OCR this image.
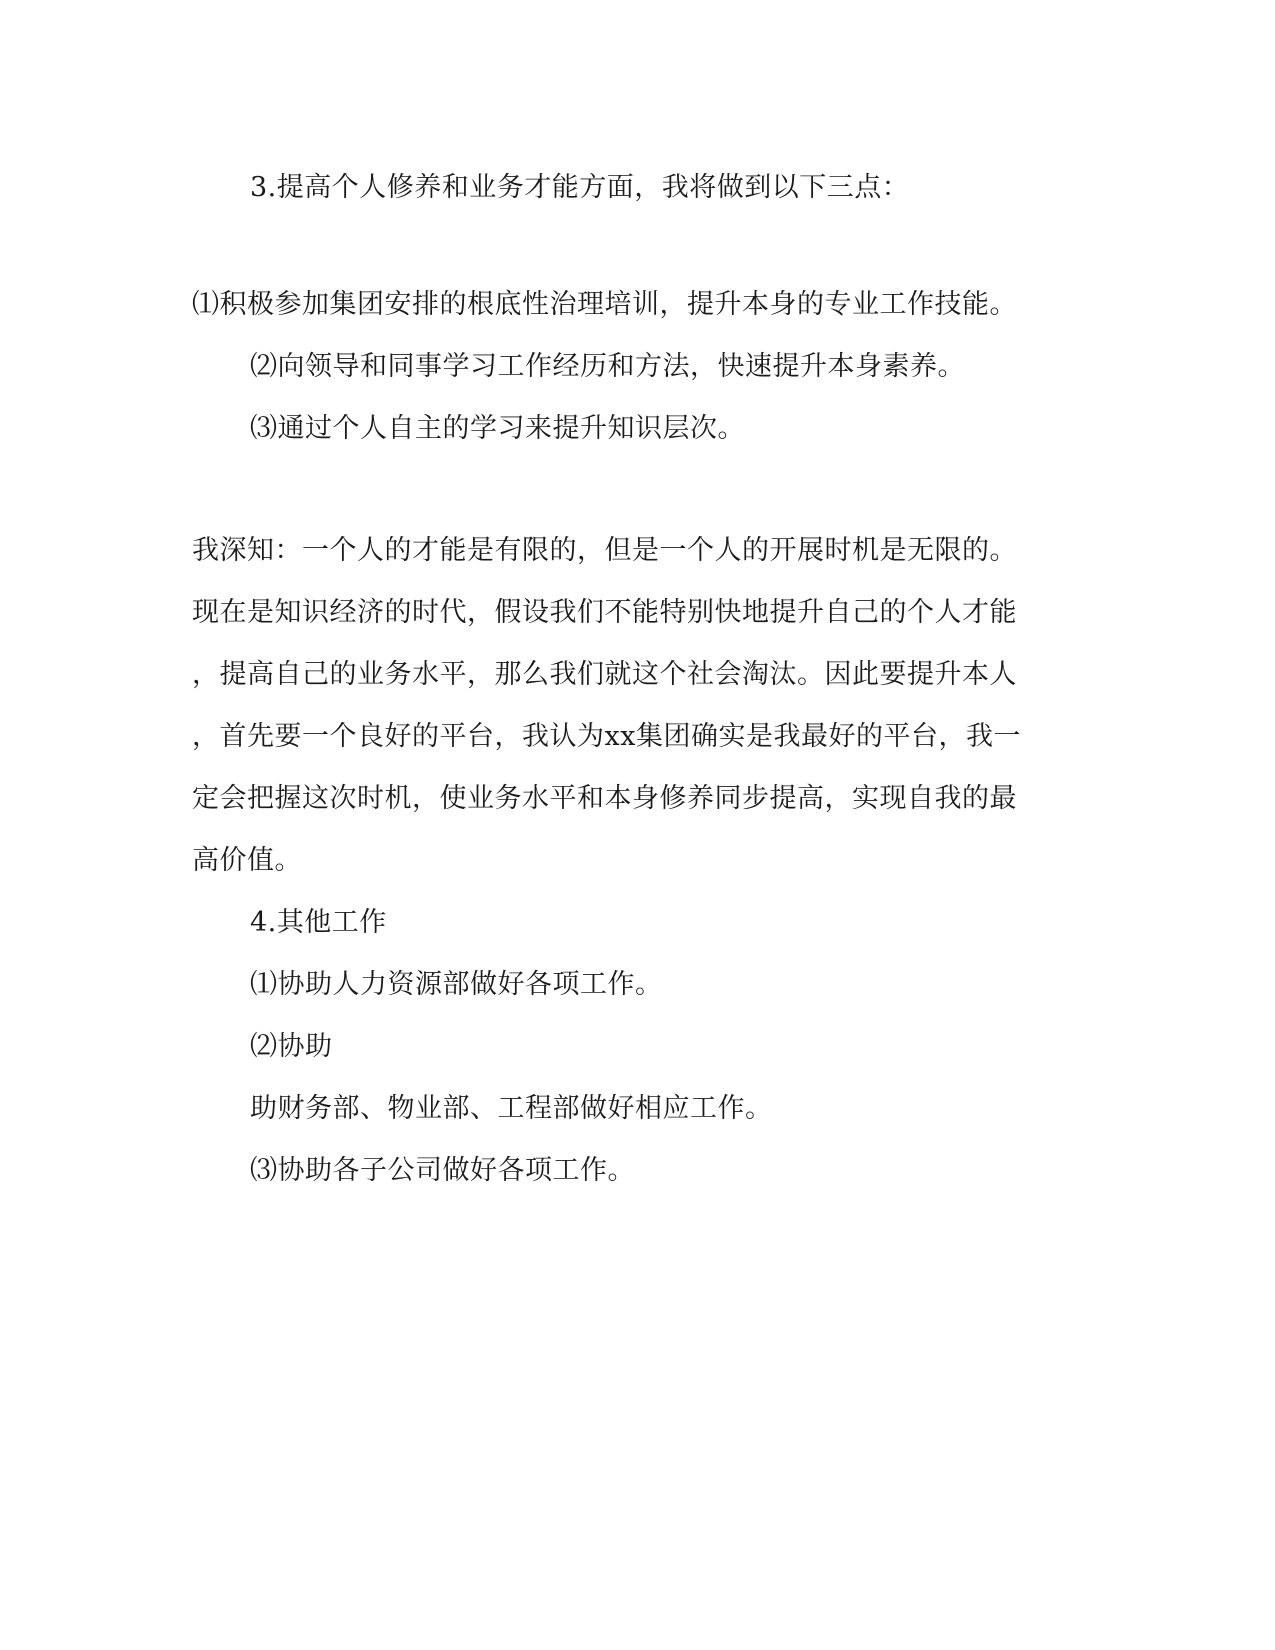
3.提高个人修养和业务才能方面，我将做到以下三点：
⑴积极参加集团安排的根底性治理培训，提升本身的专业工作技能。
⑵向领导和同事学习工作经历和方法，快速提升本身素养。
⑶通过个人自主的学习来提升知识层次。
我深知：一个人的才能是有限的，但是一个人的开展时机是无限的。
现在是知识经济的时代，假设我们不能特别快地提升自己的个人才能
，提高自己的业务水平，那么我们就这个社会淘汰。因此要提升本人
，首先要一个良好的平台，我认为xx集团确实是我最好的平台，我一
定会把握这次时机，使业务水平和本身修养同步提高，实现自我的最
高价值。
4.其他工作
⑴协助人力资源部做好各项工作。
⑵协助
助财务部、物业部、工程部做好相应工作。
⑶协助各子公司做好各项工作。
